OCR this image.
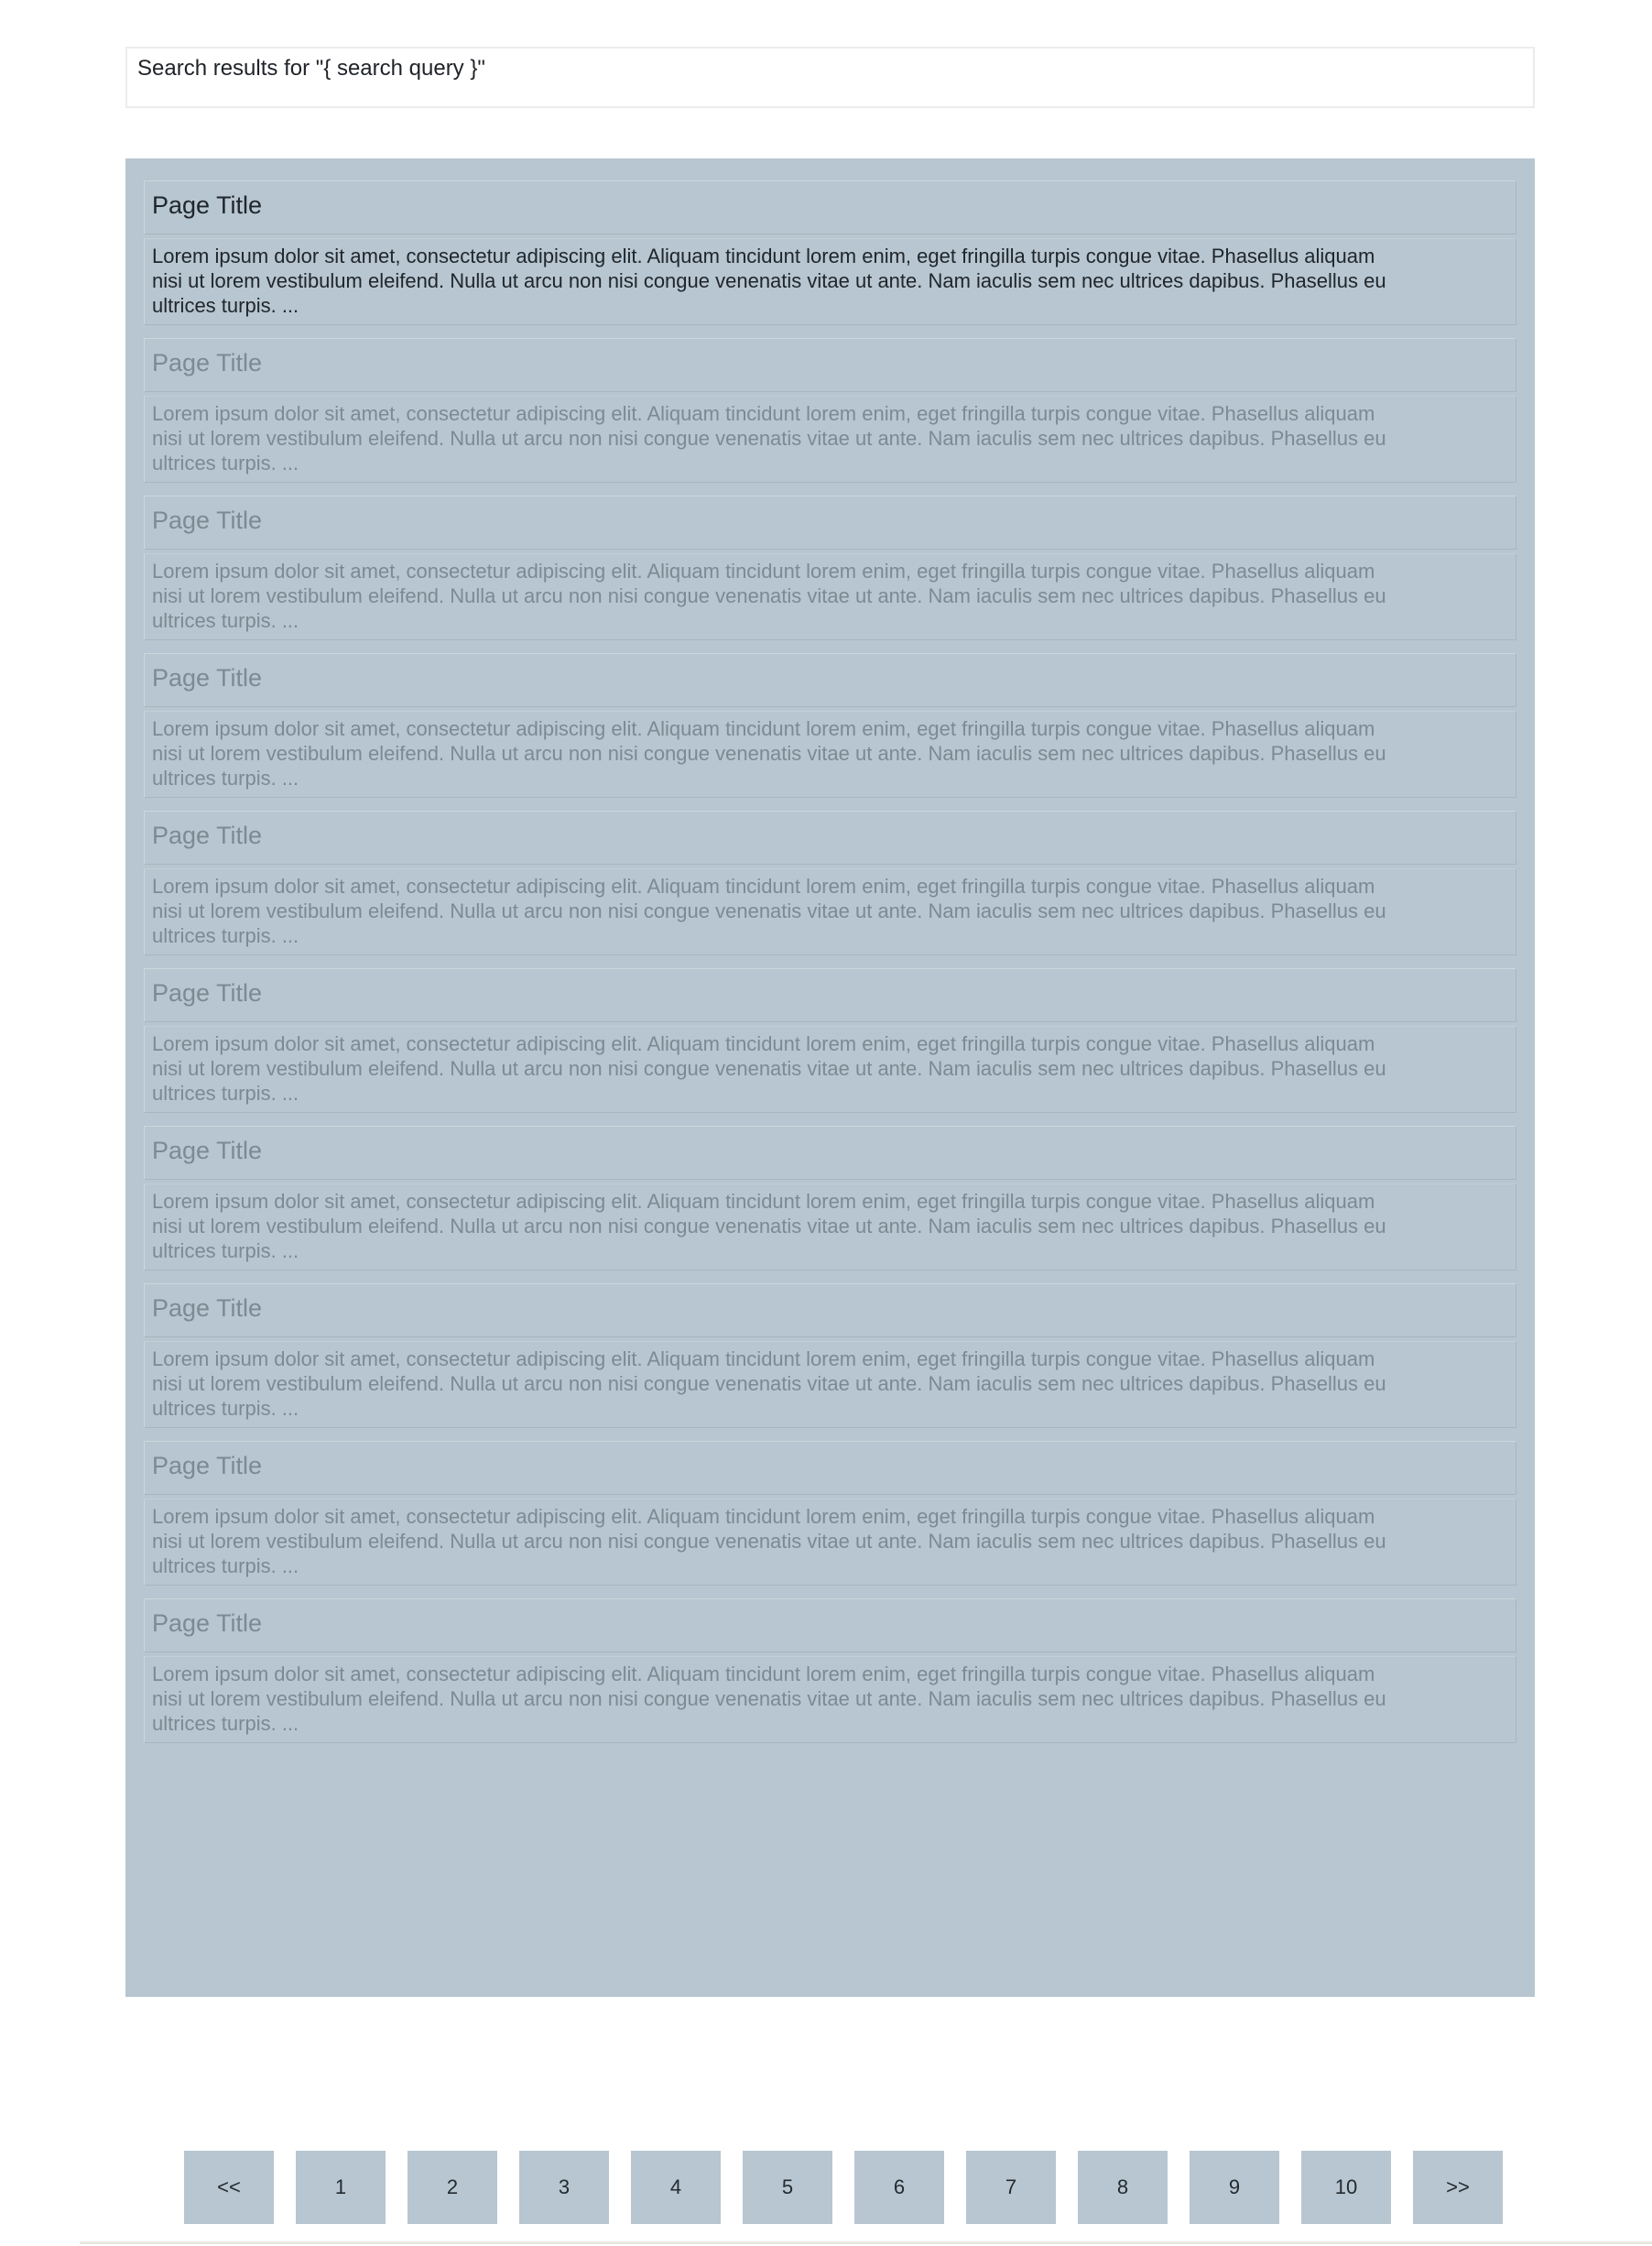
Search results for "{ search query }"
Page Title
Lorem ipsum dolor sit amet, consectetur adipiscing elit. Aliquam tincidunt lorem enim, eget fringilla turpis congue vitae. Phasellus aliquam
nisi ut lorem vestibulum eleifend. Nulla ut arcu non nisi congue venenatis vitae ut ante. Nam iaculis sem nec ultrices dapibus. Phasellus eu
ultrices turpis. ...
Page Title
Lorem ipsum dolor sit amet, consectetur adipiscing elit. Aliquam tincidunt lorem enim, eget fringilla turpis congue vitae. Phasellus aliquam
nisi ut lorem vestibulum eleifend. Nulla ut arcu non nisi congue venenatis vitae ut ante. Nam iaculis sem nec ultrices dapibus. Phasellus eu
ultrices turpis. ...
Page Title
Lorem ipsum dolor sit amet, consectetur adipiscing elit. Aliquam tincidunt lorem enim, eget fringilla turpis congue vitae. Phasellus aliquam
nisi ut lorem vestibulum eleifend. Nulla ut arcu non nisi congue venenatis vitae ut ante. Nam iaculis sem nec ultrices dapibus. Phasellus eu
ultrices turpis. ...
Page Title
Lorem ipsum dolor sit amet, consectetur adipiscing elit. Aliquam tincidunt lorem enim, eget fringilla turpis congue vitae. Phasellus aliquam
nisi ut lorem vestibulum eleifend. Nulla ut arcu non nisi congue venenatis vitae ut ante. Nam iaculis sem nec ultrices dapibus. Phasellus eu
ultrices turpis. ...
Page Title
Lorem ipsum dolor sit amet, consectetur adipiscing elit. Aliquam tincidunt lorem enim, eget fringilla turpis congue vitae. Phasellus aliquam
nisi ut lorem vestibulum eleifend. Nulla ut arcu non nisi congue venenatis vitae ut ante. Nam iaculis sem nec ultrices dapibus. Phasellus eu
ultrices turpis. ...
Page Title
Lorem ipsum dolor sit amet, consectetur adipiscing elit. Aliquam tincidunt lorem enim, eget fringilla turpis congue vitae. Phasellus aliquam
nisi ut lorem vestibulum eleifend. Nulla ut arcu non nisi congue venenatis vitae ut ante. Nam iaculis sem nec ultrices dapibus. Phasellus eu
ultrices turpis. ...
Page Title
Lorem ipsum dolor sit amet, consectetur adipiscing elit. Aliquam tincidunt lorem enim, eget fringilla turpis congue vitae. Phasellus aliquam
nisi ut lorem vestibulum eleifend. Nulla ut arcu non nisi congue venenatis vitae ut ante. Nam iaculis sem nec ultrices dapibus. Phasellus eu
ultrices turpis. ...
Page Title
Lorem ipsum dolor sit amet, consectetur adipiscing elit. Aliquam tincidunt lorem enim, eget fringilla turpis congue vitae. Phasellus aliquam
nisi ut lorem vestibulum eleifend. Nulla ut arcu non nisi congue venenatis vitae ut ante. Nam iaculis sem nec ultrices dapibus. Phasellus eu
ultrices turpis. ...
Page Title
Lorem ipsum dolor sit amet, consectetur adipiscing elit. Aliquam tincidunt lorem enim, eget fringilla turpis congue vitae. Phasellus aliquam
nisi ut lorem vestibulum eleifend. Nulla ut arcu non nisi congue venenatis vitae ut ante. Nam iaculis sem nec ultrices dapibus. Phasellus eu
ultrices turpis. ...
Page Title
Lorem ipsum dolor sit amet, consectetur adipiscing elit. Aliquam tincidunt lorem enim, eget fringilla turpis congue vitae. Phasellus aliquam
nisi ut lorem vestibulum eleifend. Nulla ut arcu non nisi congue venenatis vitae ut ante. Nam iaculis sem nec ultrices dapibus. Phasellus eu
ultrices turpis. ...
<<	1	2	3	4	5	6	7	8	9	10	>>
